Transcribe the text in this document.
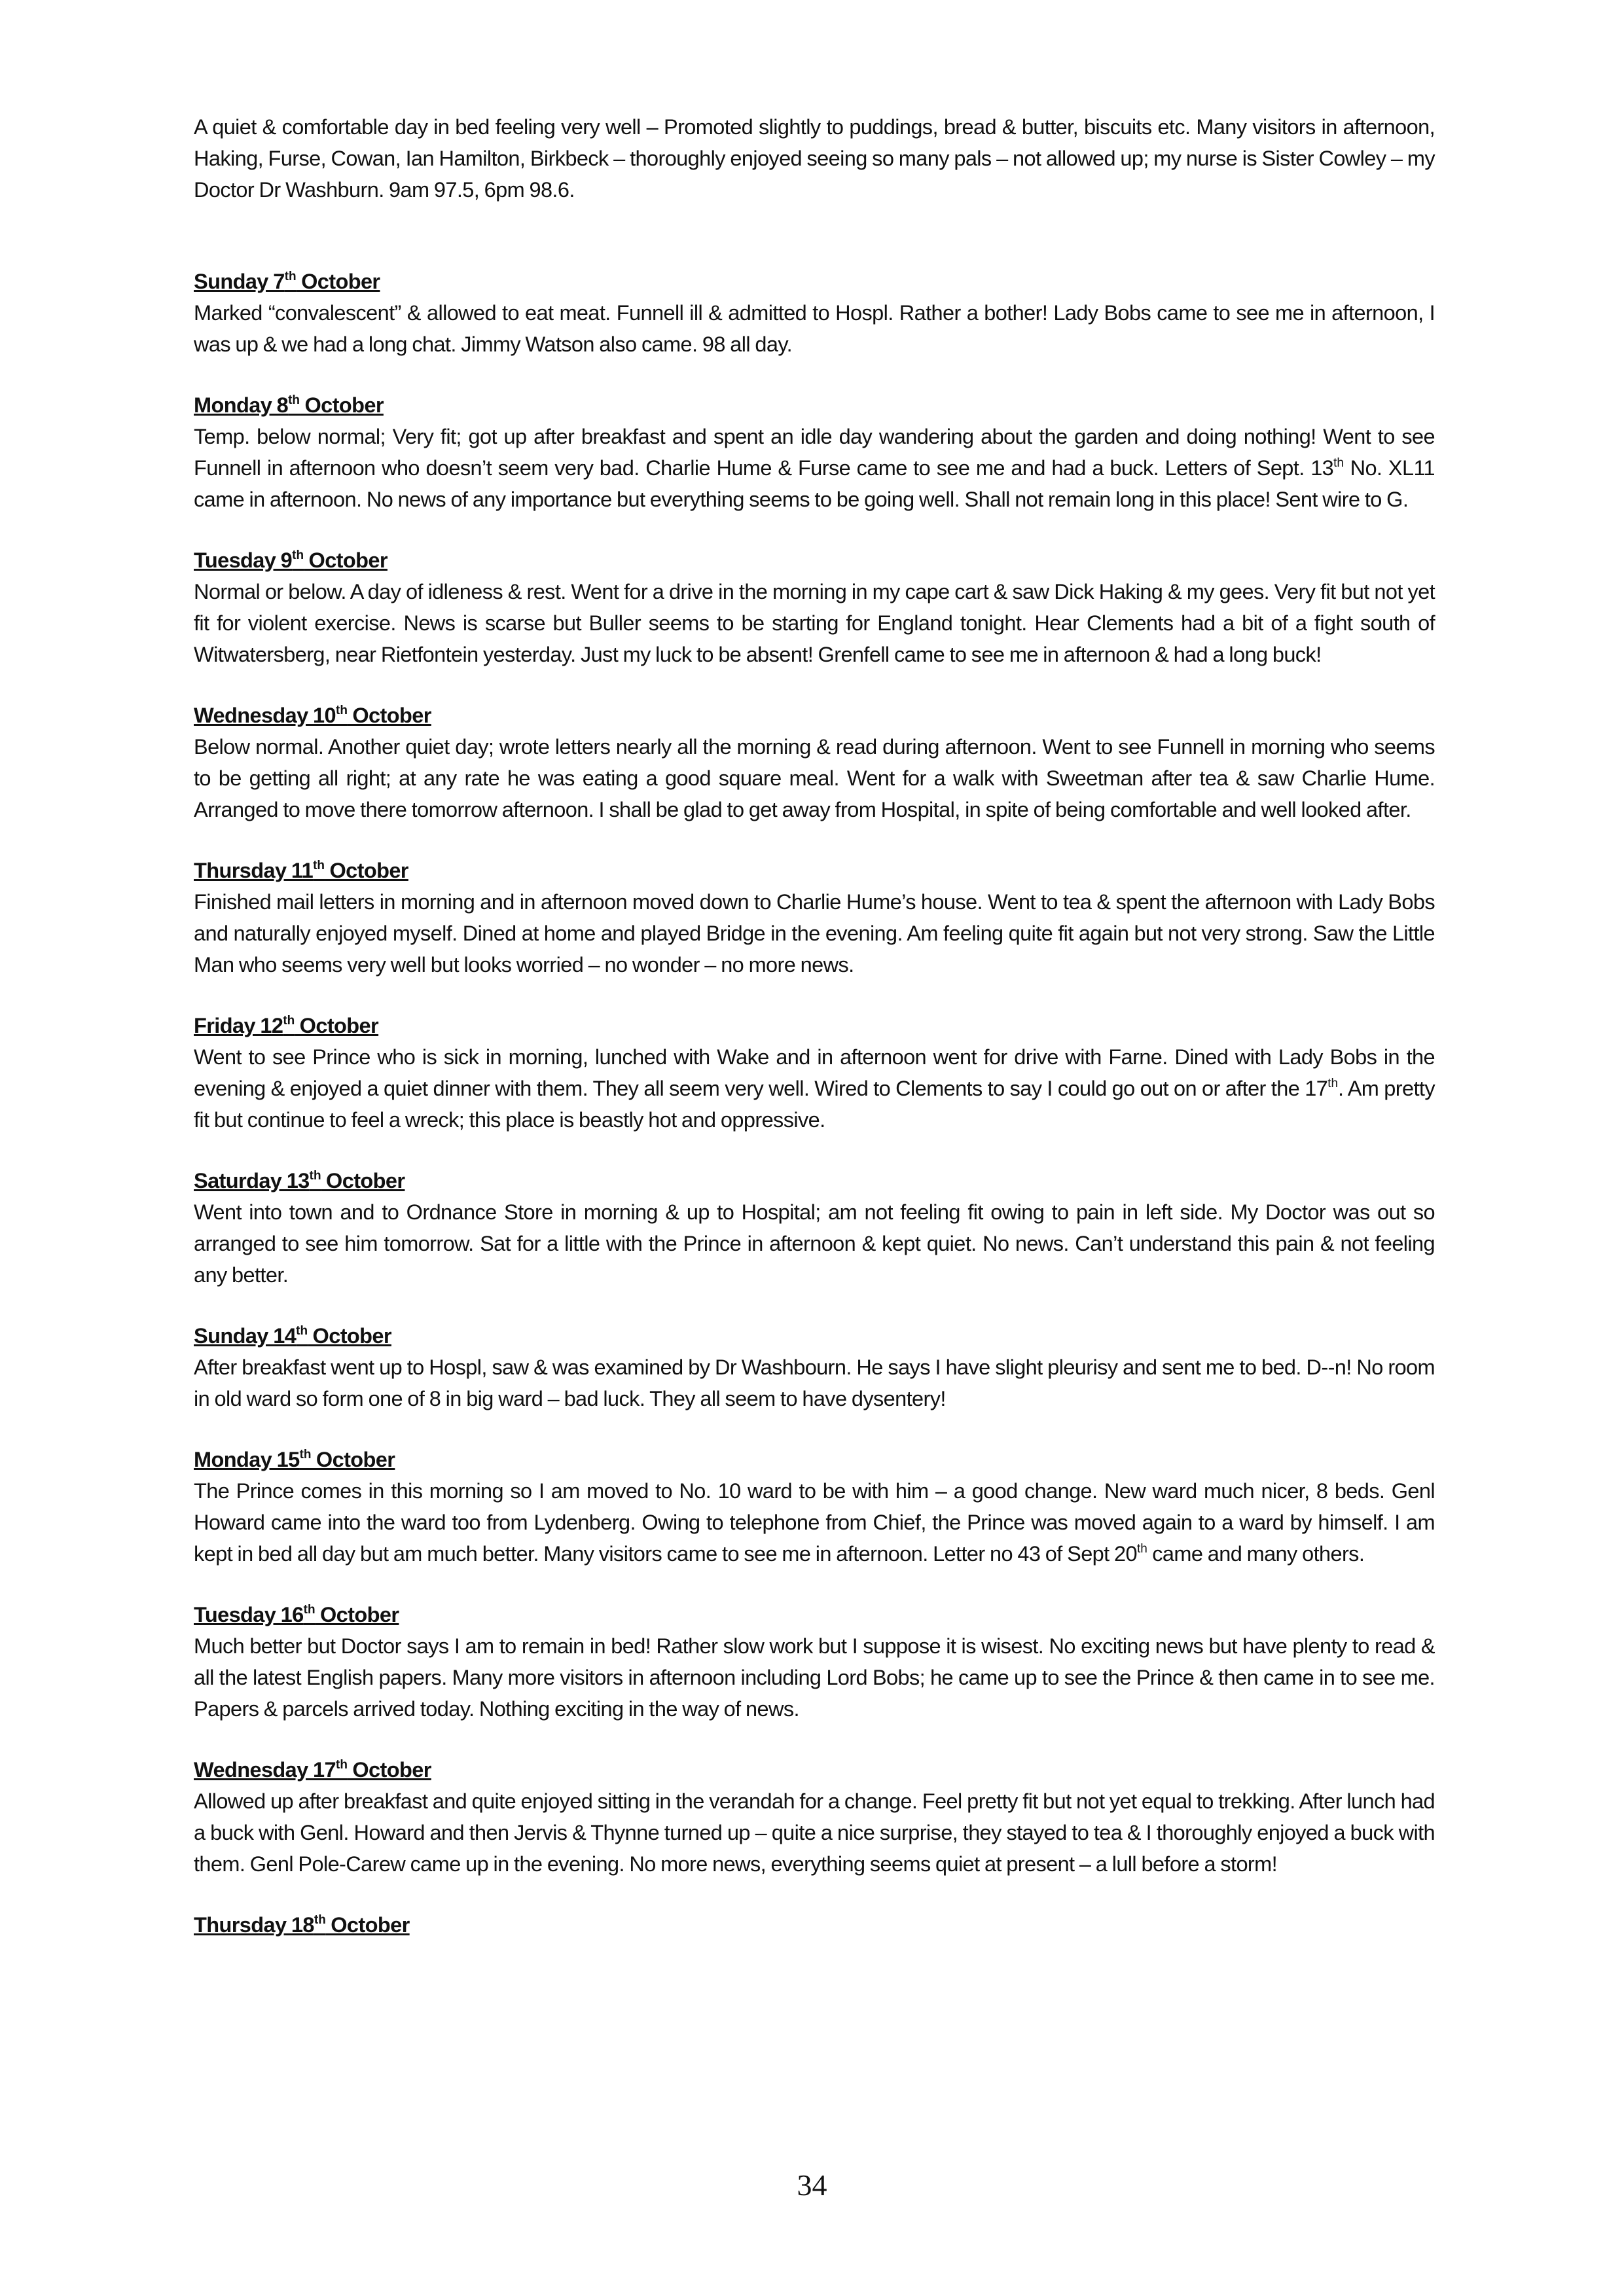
A quiet & comfortable day in bed feeling very well – Promoted slightly to puddings, bread & butter, biscuits etc. Many visitors in afternoon, Haking, Furse, Cowan, Ian Hamilton, Birkbeck – thoroughly enjoyed seeing so many pals – not allowed up; my nurse is Sister Cowley – my Doctor Dr Washburn. 9am 97.5, 6pm 98.6.

Sunday 7th October

Marked “convalescent” & allowed to eat meat. Funnell ill & admitted to Hospl. Rather a bother! Lady Bobs came to see me in afternoon, I was up & we had a long chat. Jimmy Watson also came. 98 all day.

Monday 8th October

Temp. below normal; Very fit; got up after breakfast and spent an idle day wandering about the garden and doing nothing! Went to see Funnell in afternoon who doesn’t seem very bad. Charlie Hume & Furse came to see me and had a buck. Letters of Sept. 13th No. XL11 came in afternoon. No news of any importance but everything seems to be going well. Shall not remain long in this place! Sent wire to G.

Tuesday 9th October

Normal or below. A day of idleness & rest. Went for a drive in the morning in my cape cart & saw Dick Haking & my gees. Very fit but not yet fit for violent exercise. News is scarse but Buller seems to be starting for England tonight. Hear Clements had a bit of a fight south of Witwatersberg, near Rietfontein yesterday. Just my luck to be absent! Grenfell came to see me in afternoon & had a long buck!

Wednesday 10th October

Below normal. Another quiet day; wrote letters nearly all the morning & read during afternoon. Went to see Funnell in morning who seems to be getting all right; at any rate he was eating a good square meal. Went for a walk with Sweetman after tea & saw Charlie Hume. Arranged to move there tomorrow afternoon. I shall be glad to get away from Hospital, in spite of being comfortable and well looked after.

Thursday 11th October

Finished mail letters in morning and in afternoon moved down to Charlie Hume’s house. Went to tea & spent the afternoon with Lady Bobs and naturally enjoyed myself. Dined at home and played Bridge in the evening. Am feeling quite fit again but not very strong. Saw the Little Man who seems very well but looks worried – no wonder – no more news.

Friday 12th October

Went to see Prince who is sick in morning, lunched with Wake and in afternoon went for drive with Farne. Dined with Lady Bobs in the evening & enjoyed a quiet dinner with them. They all seem very well. Wired to Clements to say I could go out on or after the 17th. Am pretty fit but continue to feel a wreck; this place is beastly hot and oppressive.

Saturday 13th October

Went into town and to Ordnance Store in morning & up to Hospital; am not feeling fit owing to pain in left side. My Doctor was out so arranged to see him tomorrow. Sat for a little with the Prince in afternoon & kept quiet. No news. Can’t understand this pain & not feeling any better.

Sunday 14th October

After breakfast went up to Hospl, saw & was examined by Dr Washbourn. He says I have slight pleurisy and sent me to bed. D--n! No room in old ward so form one of 8 in big ward – bad luck. They all seem to have dysentery!

Monday 15th October

The Prince comes in this morning so I am moved to No. 10 ward to be with him – a good change. New ward much nicer, 8 beds. Genl Howard came into the ward too from Lydenberg. Owing to telephone from Chief, the Prince was moved again to a ward by himself. I am kept in bed all day but am much better. Many visitors came to see me in afternoon. Letter no 43 of Sept 20th came and many others.

Tuesday 16th October

Much better but Doctor says I am to remain in bed! Rather slow work but I suppose it is wisest. No exciting news but have plenty to read & all the latest English papers. Many more visitors in afternoon including Lord Bobs; he came up to see the Prince & then came in to see me. Papers & parcels arrived today. Nothing exciting in the way of news.

Wednesday 17th October

Allowed up after breakfast and quite enjoyed sitting in the verandah for a change. Feel pretty fit but not yet equal to trekking. After lunch had a buck with Genl. Howard and then Jervis & Thynne turned up – quite a nice surprise, they stayed to tea & I thoroughly enjoyed a buck with them. Genl Pole-Carew came up in the evening. No more news, everything seems quiet at present – a lull before a storm!

Thursday 18th October

34
